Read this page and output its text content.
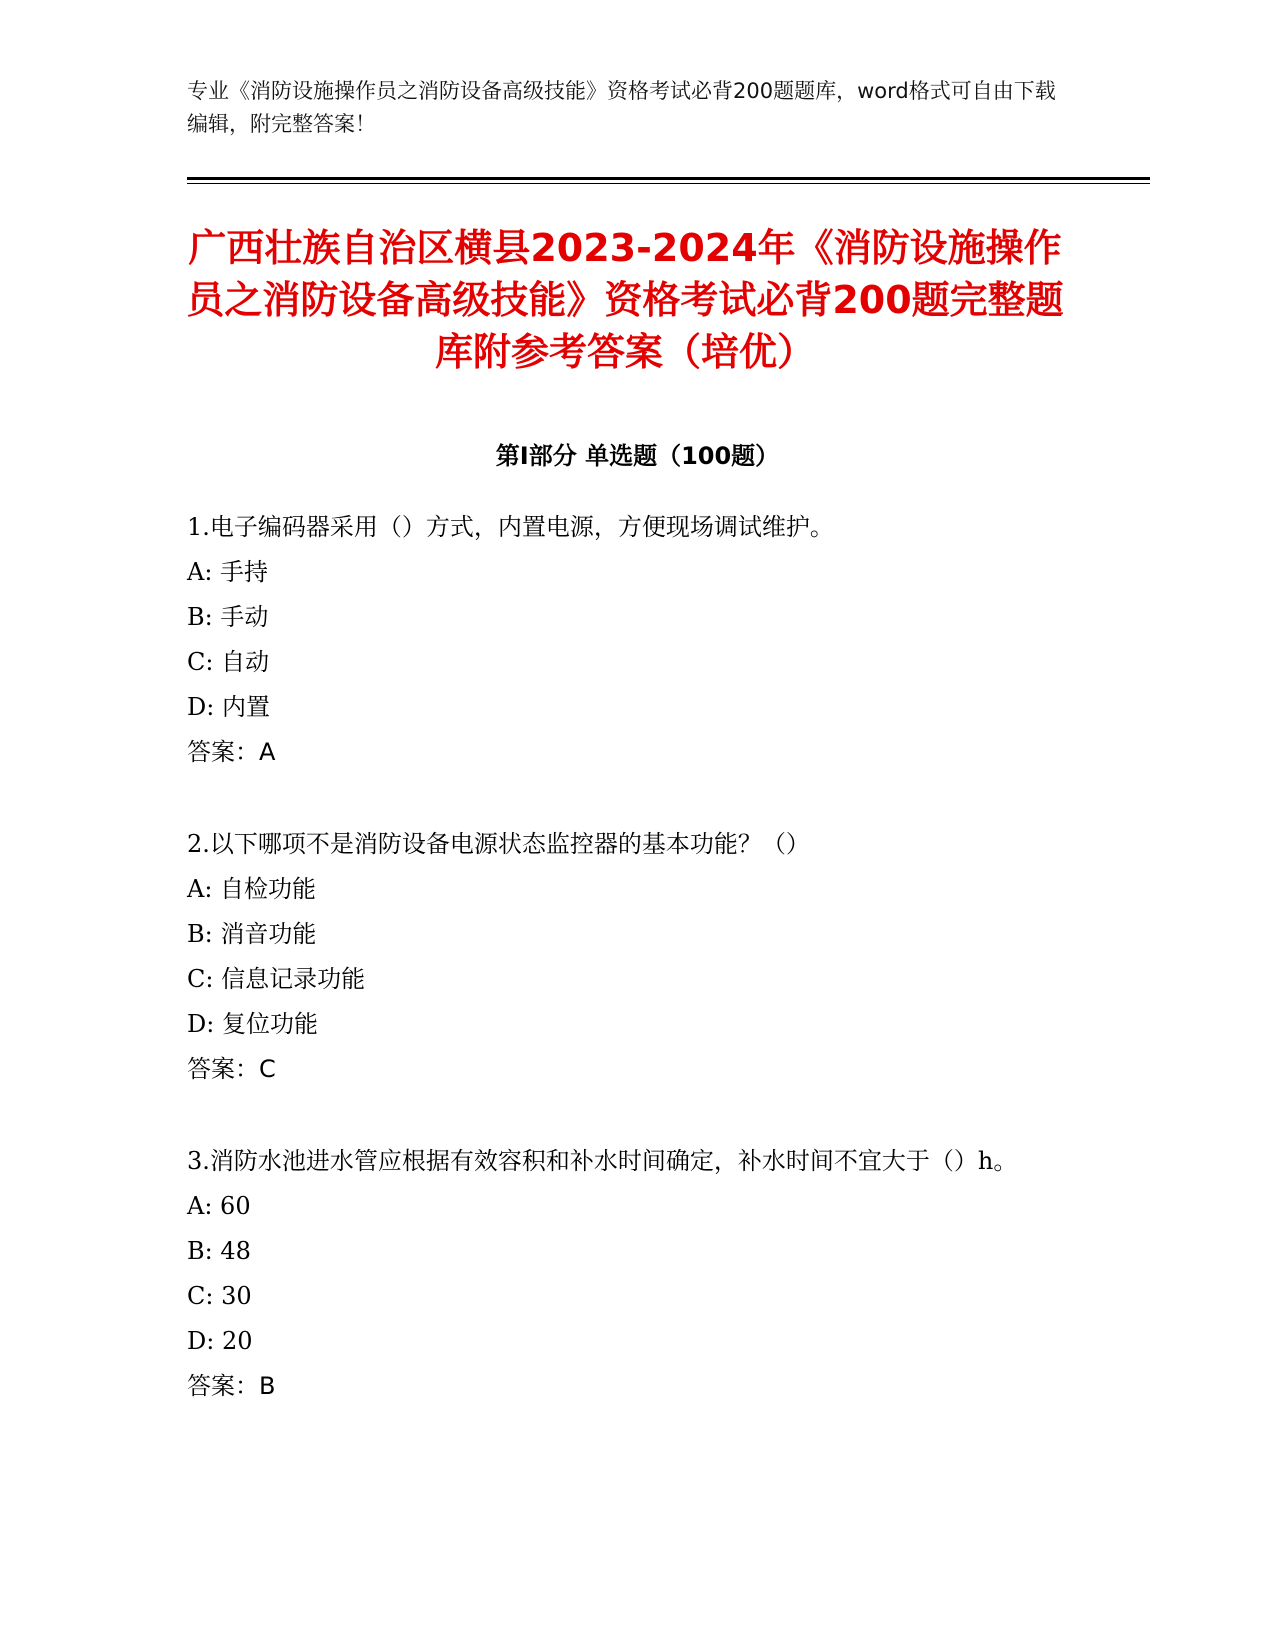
专业《消防设施操作员之消防设备高级技能》资格考试必背200题题库，word格式可自由下载编辑，附完整答案！
广西壮族自治区横县2023-2024年《消防设施操作员之消防设备高级技能》资格考试必背200题完整题库附参考答案（培优）
第Ⅰ部分 单选题（100题）

1.电子编码器采用（）方式，内置电源，方便现场调试维护。

A: 手持

B: 手动

C: 自动

D: 内置

答案：A

2.以下哪项不是消防设备电源状态监控器的基本功能？（）

A: 自检功能

B: 消音功能

C: 信息记录功能

D: 复位功能

答案：C

3.消防水池进水管应根据有效容积和补水时间确定，补水时间不宜大于（）h。

A: 60

B: 48

C: 30

D: 20

答案：B
